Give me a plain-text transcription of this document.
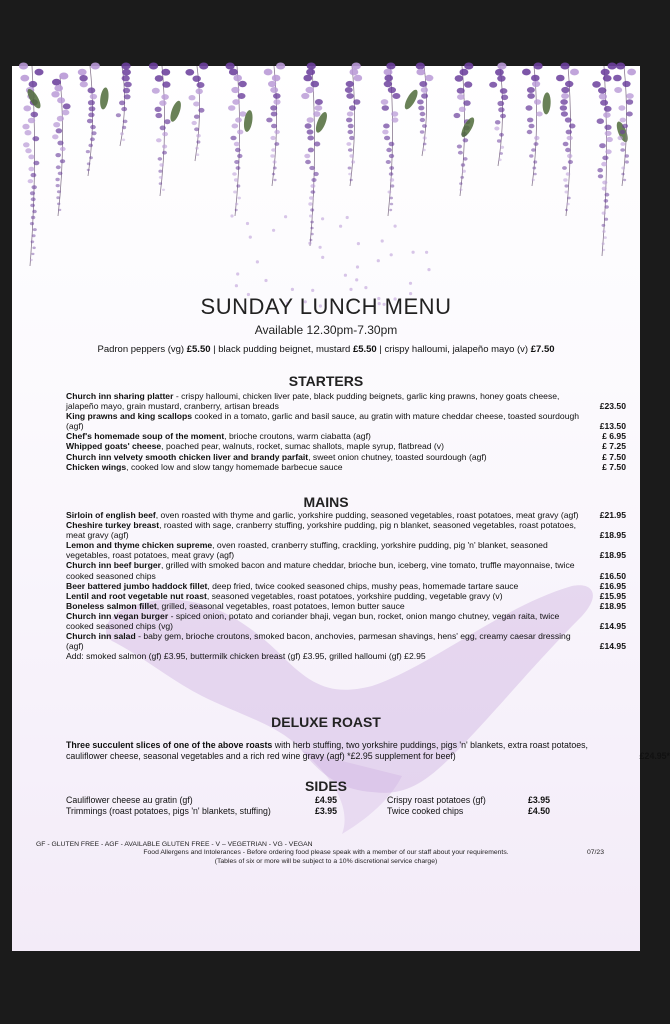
SUNDAY LUNCH MENU
Available 12.30pm-7.30pm
Padron peppers (vg) £5.50 | black pudding beignet, mustard £5.50 | crispy halloumi, jalapeño mayo (v) £7.50
STARTERS
Church inn sharing platter - crispy halloumi, chicken liver pate, black pudding beignets, garlic king prawns, honey goats cheese, jalapeño mayo, grain mustard, cranberry, artisan breads	£23.50
King prawns and king scallops cooked in a tomato, garlic and basil sauce, au gratin with mature cheddar cheese, toasted sourdough (agf)	£13.50
Chef's homemade soup of the moment, brioche croutons, warm ciabatta (agf)	£ 6.95
Whipped goats' cheese, poached pear, walnuts, rocket, sumac shallots, maple syrup, flatbread (v)	£ 7.25
Church inn velvety smooth chicken liver and brandy parfait, sweet onion chutney, toasted sourdough (agf)	£ 7.50
Chicken wings, cooked low and slow tangy homemade barbecue sauce	£ 7.50
MAINS
Sirloin of english beef, oven roasted with thyme and garlic, yorkshire pudding, seasoned vegetables, roast potatoes, meat gravy (agf) £21.95
Cheshire turkey breast, roasted with sage, cranberry stuffing, yorkshire pudding, pig n blanket, seasoned vegetables, roast potatoes, meat gravy (agf)	£18.95
Lemon and thyme chicken supreme, oven roasted, cranberry stuffing, crackling, yorkshire pudding, pig 'n' blanket, seasoned vegetables, roast potatoes, meat gravy (agf)	£18.95
Church inn beef burger, grilled with smoked bacon and mature cheddar, brioche bun, iceberg, vine tomato, truffle mayonnaise, twice cooked seasoned chips	£16.50
Beer battered jumbo haddock fillet, deep fried, twice cooked seasoned chips, mushy peas, homemade tartare sauce	£16.95
Lentil and root vegetable nut roast, seasoned vegetables, roast potatoes, yorkshire pudding, vegetable gravy (v)	£15.95
Boneless salmon fillet, grilled, seasonal vegetables, roast potatoes, lemon butter sauce	£18.95
Church inn vegan burger - spiced onion, potato and coriander bhaji, vegan bun, rocket, onion mango chutney, vegan raita, twice cooked seasoned chips (vg)	£14.95
Church inn salad - baby gem, brioche croutons, smoked bacon, anchovies, parmesan shavings, hens' egg, creamy caesar dressing (agf)	£14.95
Add: smoked salmon (gf) £3.95, buttermilk chicken breast (gf) £3.95, grilled halloumi (gf) £2.95
DELUXE ROAST
Three succulent slices of one of the above roasts with herb stuffing, two yorkshire puddings, pigs 'n' blankets, extra roast potatoes, cauliflower cheese, seasonal vegetables and a rich red wine gravy (agf) *£2.95 supplement for beef)	£24.95*
SIDES
Cauliflower cheese au gratin (gf)	£4.95
Trimmings (roast potatoes, pigs 'n' blankets, stuffing)	£3.95
Crispy roast potatoes (gf)	£3.95
Twice cooked chips	£4.50
GF - GLUTEN FREE - AGF - AVAILABLE GLUTEN FREE - V – VEGETRIAN - VG - VEGAN
07/23
Food Allergens and Intolerances - Before ordering food please speak with a member of our staff about your requirements.
(Tables of six or more will be subject to a 10% discretional service charge)
